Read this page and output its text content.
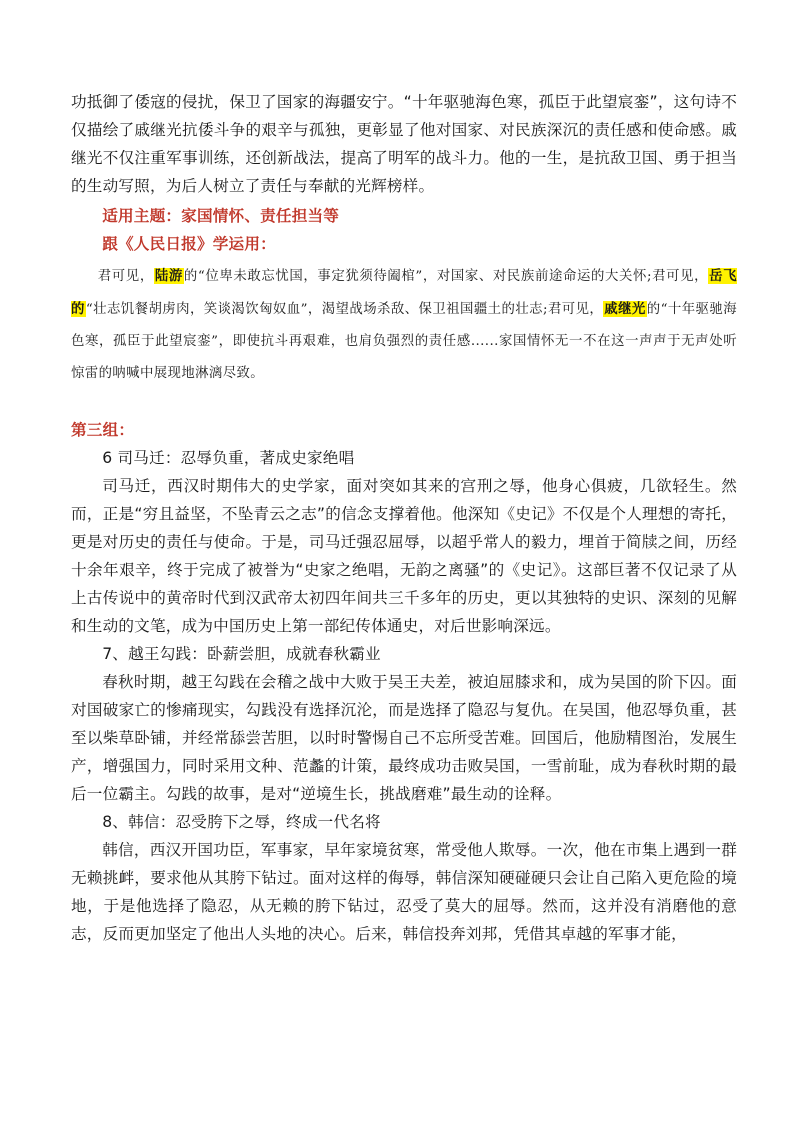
功抵御了倭寇的侵扰，保卫了国家的海疆安宁。“十年驱驰海色寒，孤臣于此望宸銮”，这句诗不仅描绘了戚继光抗倭斗争的艰辛与孤独，更彰显了他对国家、对民族深沉的责任感和使命感。戚继光不仅注重军事训练，还创新战法，提高了明军的战斗力。他的一生，是抗敌卫国、勇于担当的生动写照，为后人树立了责任与奉献的光辉榜样。

适用主题：家国情怀、责任担当等

跟《人民日报》学运用：

君可见，陆游的“位卑未敢忘忧国，事定犹须待阖棺”，对国家、对民族前途命运的大关怀;君可见，岳飞的“壮志饥餐胡虏肉，笑谈渴饮匈奴血”，渴望战场杀敌、保卫祖国疆土的壮志;君可见，戚继光的“十年驱驰海色寒，孤臣于此望宸銮”，即使抗斗再艰难，也肩负强烈的责任感......家国情怀无一不在这一声声于无声处听惊雷的呐喊中展现地淋漓尽致。

第三组：

6 司马迁：忍辱负重，著成史家绝唱

司马迁，西汉时期伟大的史学家，面对突如其来的宫刑之辱，他身心俱疲，几欲轻生。然而，正是“穷且益坚，不坠青云之志”的信念支撑着他。他深知《史记》不仅是个人理想的寄托，更是对历史的责任与使命。于是，司马迁强忍屈辱，以超乎常人的毅力，埋首于简牍之间，历经十余年艰辛，终于完成了被誉为“史家之绝唱，无韵之离骚”的《史记》。这部巨著不仅记录了从上古传说中的黄帝时代到汉武帝太初四年间共三千多年的历史，更以其独特的史识、深刻的见解和生动的文笔，成为中国历史上第一部纪传体通史，对后世影响深远。

7、越王勾践：卧薪尝胆，成就春秋霸业

春秋时期，越王勾践在会稽之战中大败于吴王夫差，被迫屈膝求和，成为吴国的阶下囚。面对国破家亡的惨痛现实，勾践没有选择沉沦，而是选择了隐忍与复仇。在吴国，他忍辱负重，甚至以柴草卧铺，并经常舔尝苦胆，以时时警惕自己不忘所受苦难。回国后，他励精图治，发展生产，增强国力，同时采用文种、范蠡的计策，最终成功击败吴国，一雪前耻，成为春秋时期的最后一位霸主。勾践的故事，是对“逆境生长，挑战磨难”最生动的诠释。

8、韩信：忍受胯下之辱，终成一代名将

韩信，西汉开国功臣，军事家，早年家境贫寒，常受他人欺辱。一次，他在市集上遇到一群无赖挑衅，要求他从其胯下钻过。面对这样的侮辱，韩信深知硬碰硬只会让自己陷入更危险的境地，于是他选择了隐忍，从无赖的胯下钻过，忍受了莫大的屈辱。然而，这并没有消磨他的意志，反而更加坚定了他出人头地的决心。后来，韩信投奔刘邦，凭借其卓越的军事才能，
